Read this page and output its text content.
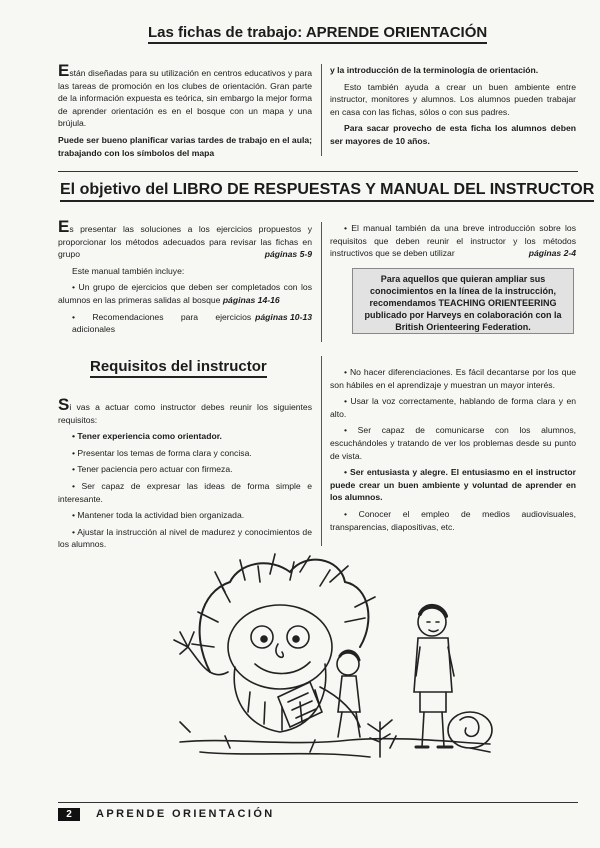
Las fichas de trabajo: APRENDE ORIENTACIÓN

Están diseñadas para su utilización en centros educativos y para las tareas de promoción en los clubes de orientación. Gran parte de la información expuesta es teórica, sin embargo la mejor forma de aprender orientación es en el bosque con un mapa y una brújula.

Puede ser bueno planificar varias tardes de trabajo en el aula; trabajando con los símbolos del mapa

y la introducción de la terminología de orientación.

Esto también ayuda a crear un buen ambiente entre instructor, monitores y alumnos. Los alumnos pueden trabajar en casa con las fichas, sólos o con sus padres.

Para sacar provecho de esta ficha los alumnos deben ser mayores de 10 años.

El objetivo del LIBRO DE RESPUESTAS Y MANUAL DEL INSTRUCTOR
Es presentar las soluciones a los ejercicios propuestos y proporcionar los métodos adecuados para revisar las fichas en grupo	páginas 5-9

Este manual también incluye:

• Un grupo de ejercicios que deben ser completados con los alumnos en las primeras salidas al bosque páginas 14-16
• Recomendaciones para ejercicios adicionales
páginas 10-13
• El manual también da una breve introducción sobre los requisitos que deben reunir el instructor y los métodos instructivos que se deben utilizar	páginas 2-4
Para aquellos que quieran ampliar sus conocimientos en la línea de la instrucción, recomendamos TEACHING ORIENTEERING publicado por Harveys en colaboración con la British Orienteering Federation.
Requisitos del instructor

Si vas a actuar como instructor debes reunir los siguientes requisitos:

• Tener experiencia como orientador.

• Presentar los temas de forma clara y concisa.

• Tener paciencia pero actuar con firmeza.

• Ser capaz de expresar las ideas de forma simple e interesante.

• Mantener toda la actividad bien organizada.

• Ajustar la instrucción al nivel de madurez y conocimientos de los alumnos.

• No hacer diferenciaciones. Es fácil decantarse por los que son hábiles en el aprendizaje y muestran un mayor interés.

• Usar la voz correctamente, hablando de forma clara y en alto.

• Ser capaz de comunicarse con los alumnos, escuchándoles y tratando de ver los problemas desde su punto de vista.

• Ser entusiasta y alegre. El entusiasmo en el instructor puede crear un buen ambiente y voluntad de aprender en los alumnos.

• Conocer el empleo de medios audiovisuales, transparencias, diapositivas, etc.

2	APRENDE ORIENTACIÓN
